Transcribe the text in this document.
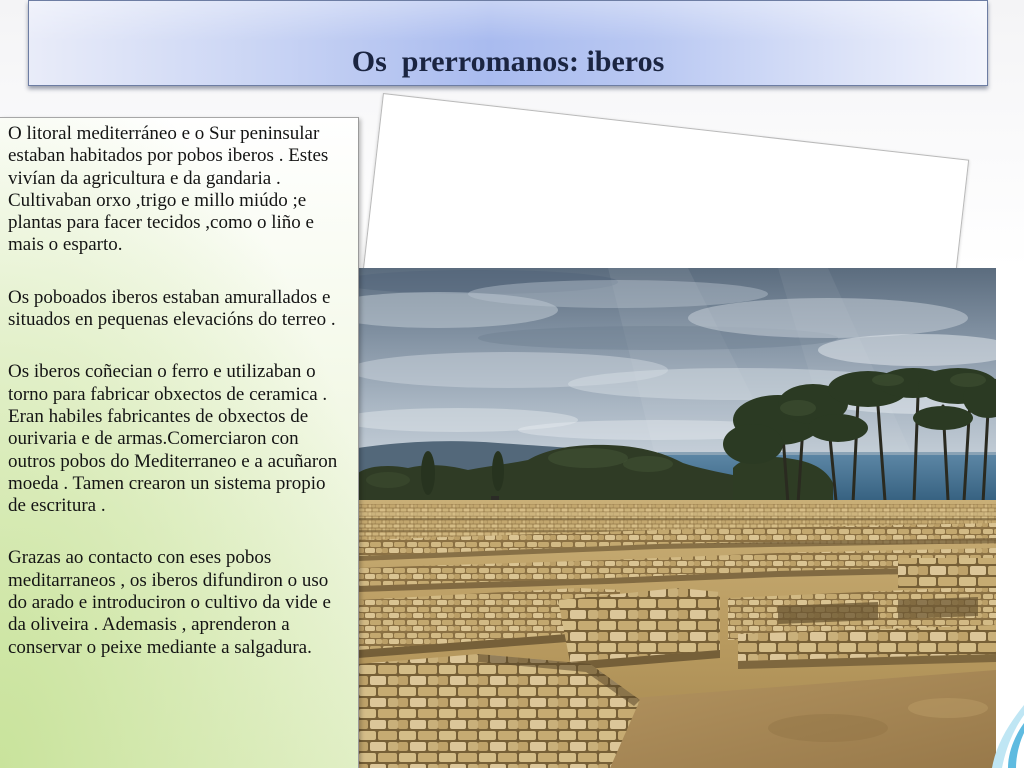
Os  prerromanos: iberos

O litoral mediterráneo e o Sur peninsular estaban habitados por pobos iberos . Estes vivían da agricultura e da gandaria . Cultivaban orxo ,trigo e millo miúdo ;e plantas para facer tecidos ,como o liño e mais o esparto.

Os poboados iberos estaban amurallados e situados en pequenas elevacións do terreo .

Os iberos coñecian o ferro e utilizaban o torno para fabricar obxectos de ceramica . Eran habiles fabricantes de obxectos de ourivaria e de armas.Comerciaron con outros pobos do Mediterraneo e a acuñaron moeda . Tamen crearon un sistema propio de escritura .

Grazas ao contacto con eses pobos meditarraneos , os iberos difundiron o uso do arado e introduciron o cultivo da vide e da oliveira . Ademasis , aprenderon a conservar o peixe mediante a salgadura.
